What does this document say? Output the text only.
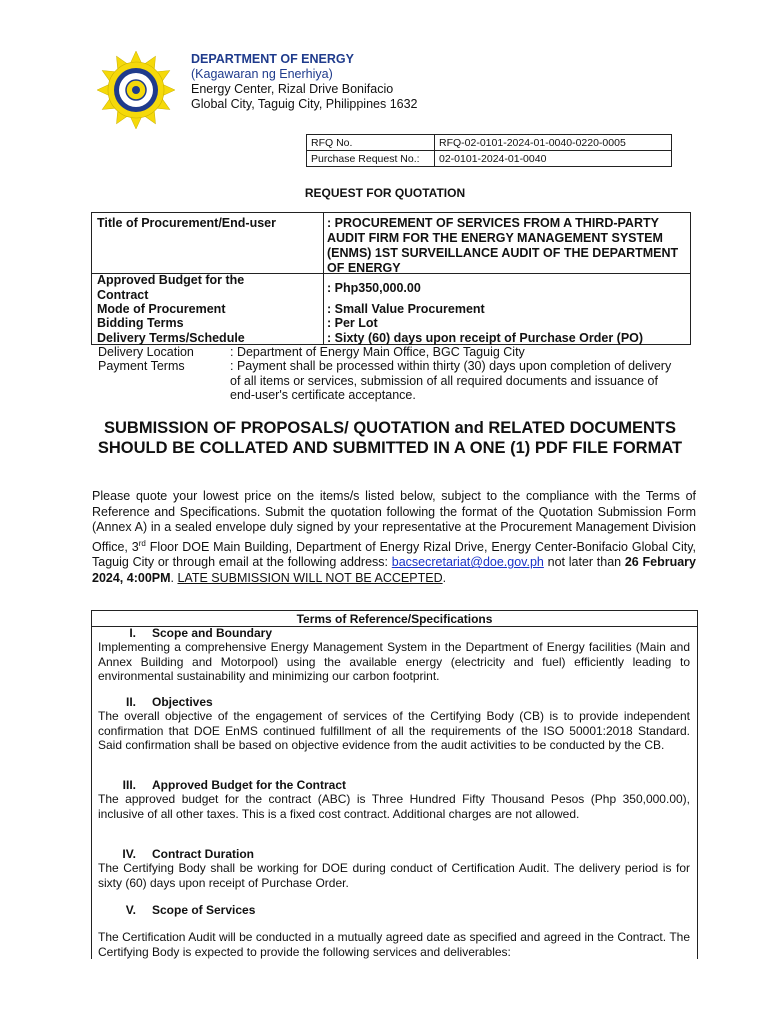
DEPARTMENT OF ENERGY
(Kagawaran ng Enerhiya)
Energy Center, Rizal Drive Bonifacio
Global City, Taguig City, Philippines 1632
RFQ No.	RFQ-02-0101-2024-01-0040-0220-0005
Purchase Request No.:	02-0101-2024-01-0040
REQUEST FOR QUOTATION
Title of Procurement/End-user	: PROCUREMENT OF SERVICES FROM A THIRD-PARTY AUDIT FIRM FOR THE ENERGY MANAGEMENT SYSTEM (ENMS) 1ST SURVEILLANCE AUDIT OF THE DEPARTMENT OF ENERGY
Approved Budget for the Contract	: Php350,000.00
Mode of Procurement	: Small Value Procurement
Bidding Terms	: Per Lot
Delivery Terms/Schedule	: Sixty (60) days upon receipt of Purchase Order (PO)
Delivery Location	: Department of Energy Main Office, BGC Taguig City
Payment Terms	: Payment shall be processed within thirty (30) days upon completion of delivery of all items or services, submission of all required documents and issuance of end-user's certificate acceptance.
SUBMISSION OF PROPOSALS/ QUOTATION and RELATED DOCUMENTS SHOULD BE COLLATED AND SUBMITTED IN A ONE (1) PDF FILE FORMAT
Please quote your lowest price on the items/s listed below, subject to the compliance with the Terms of Reference and Specifications. Submit the quotation following the format of the Quotation Submission Form (Annex A) in a sealed envelope duly signed by your representative at the Procurement Management Division Office, 3rd Floor DOE Main Building, Department of Energy Rizal Drive, Energy Center-Bonifacio Global City, Taguig City or through email at the following address: bacsecretariat@doe.gov.ph not later than 26 February 2024, 4:00PM. LATE SUBMISSION WILL NOT BE ACCEPTED.
Terms of Reference/Specifications
I. Scope and Boundary
Implementing a comprehensive Energy Management System in the Department of Energy facilities (Main and Annex Building and Motorpool) using the available energy (electricity and fuel) efficiently leading to environmental sustainability and minimizing our carbon footprint.
II. Objectives
The overall objective of the engagement of services of the Certifying Body (CB) is to provide independent confirmation that DOE EnMS continued fulfillment of all the requirements of the ISO 50001:2018 Standard. Said confirmation shall be based on objective evidence from the audit activities to be conducted by the CB.
III. Approved Budget for the Contract
The approved budget for the contract (ABC) is Three Hundred Fifty Thousand Pesos (Php 350,000.00), inclusive of all other taxes. This is a fixed cost contract. Additional charges are not allowed.
IV. Contract Duration
The Certifying Body shall be working for DOE during conduct of Certification Audit. The delivery period is for sixty (60) days upon receipt of Purchase Order.
V. Scope of Services
The Certification Audit will be conducted in a mutually agreed date as specified and agreed in the Contract. The Certifying Body is expected to provide the following services and deliverables:
